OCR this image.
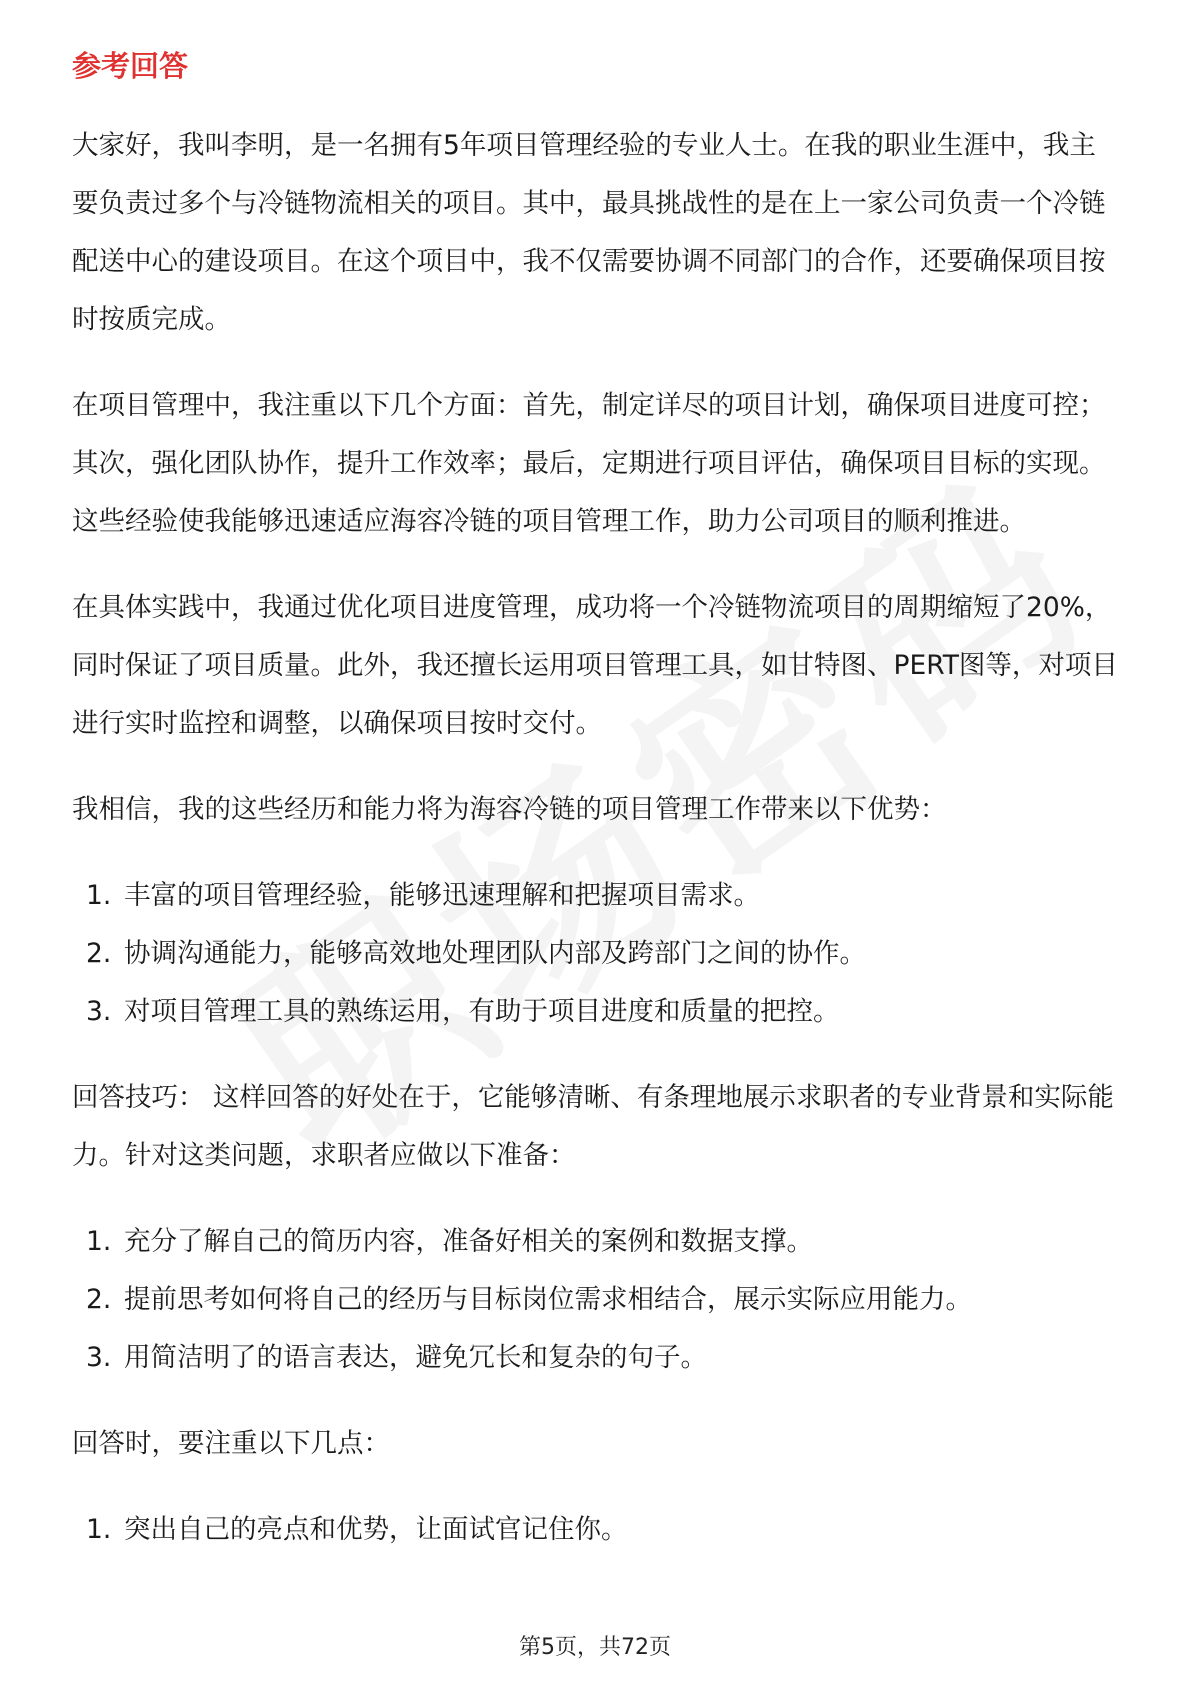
参考回答

大家好，我叫李明，是一名拥有5年项目管理经验的专业人士。在我的职业生涯中，我主要负责过多个与冷链物流相关的项目。其中，最具挑战性的是在上一家公司负责一个冷链配送中心的建设项目。在这个项目中，我不仅需要协调不同部门的合作，还要确保项目按时按质完成。

在项目管理中，我注重以下几个方面：首先，制定详尽的项目计划，确保项目进度可控；其次，强化团队协作，提升工作效率；最后，定期进行项目评估，确保项目目标的实现。这些经验使我能够迅速适应海容冷链的项目管理工作，助力公司项目的顺利推进。

在具体实践中，我通过优化项目进度管理，成功将一个冷链物流项目的周期缩短了20%，同时保证了项目质量。此外，我还擅长运用项目管理工具，如甘特图、PERT图等，对项目进行实时监控和调整，以确保项目按时交付。

我相信，我的这些经历和能力将为海容冷链的项目管理工作带来以下优势：

1. 丰富的项目管理经验，能够迅速理解和把握项目需求。
2. 协调沟通能力，能够高效地处理团队内部及跨部门之间的协作。
3. 对项目管理工具的熟练运用，有助于项目进度和质量的把控。

回答技巧： 这样回答的好处在于，它能够清晰、有条理地展示求职者的专业背景和实际能力。针对这类问题，求职者应做以下准备：

1. 充分了解自己的简历内容，准备好相关的案例和数据支撑。
2. 提前思考如何将自己的经历与目标岗位需求相结合，展示实际应用能力。
3. 用简洁明了的语言表达，避免冗长和复杂的句子。

回答时，要注重以下几点：

1. 突出自己的亮点和优势，让面试官记住你。
第5页，共72页
